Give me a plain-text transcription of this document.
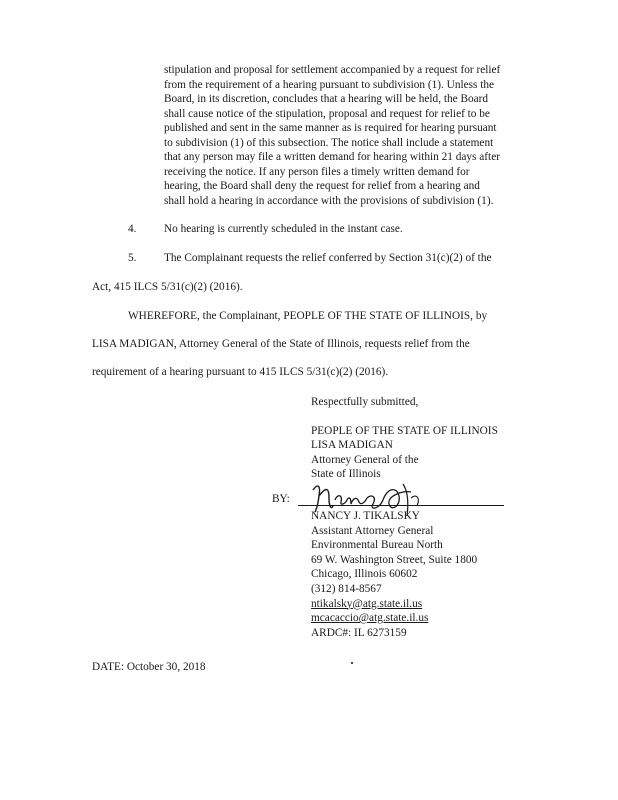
stipulation and proposal for settlement accompanied by a request for relief
from the requirement of a hearing pursuant to subdivision (1). Unless the
Board, in its discretion, concludes that a hearing will be held, the Board
shall cause notice of the stipulation, proposal and request for relief to be
published and sent in the same manner as is required for hearing pursuant
to subdivision (1) of this subsection. The notice shall include a statement
that any person may file a written demand for hearing within 21 days after
receiving the notice. If any person files a timely written demand for
hearing, the Board shall deny the request for relief from a hearing and
shall hold a hearing in accordance with the provisions of subdivision (1).
4. No hearing is currently scheduled in the instant case.
5. The Complainant requests the relief conferred by Section 31(c)(2) of the
Act, 415 ILCS 5/31(c)(2) (2016).
WHEREFORE, the Complainant, PEOPLE OF THE STATE OF ILLINOIS, by
LISA MADIGAN, Attorney General of the State of Illinois, requests relief from the
requirement of a hearing pursuant to 415 ILCS 5/31(c)(2) (2016).
Respectfully submitted,
PEOPLE OF THE STATE OF ILLINOIS
LISA MADIGAN
Attorney General of the
State of Illinois
BY:
NANCY J. TIKALSKY
Assistant Attorney General
Environmental Bureau North
69 W. Washington Street, Suite 1800
Chicago, Illinois 60602
(312) 814-8567
ntikalsky@atg.state.il.us
mcacaccio@atg.state.il.us
ARDC#: IL 6273159
DATE: October 30, 2018
